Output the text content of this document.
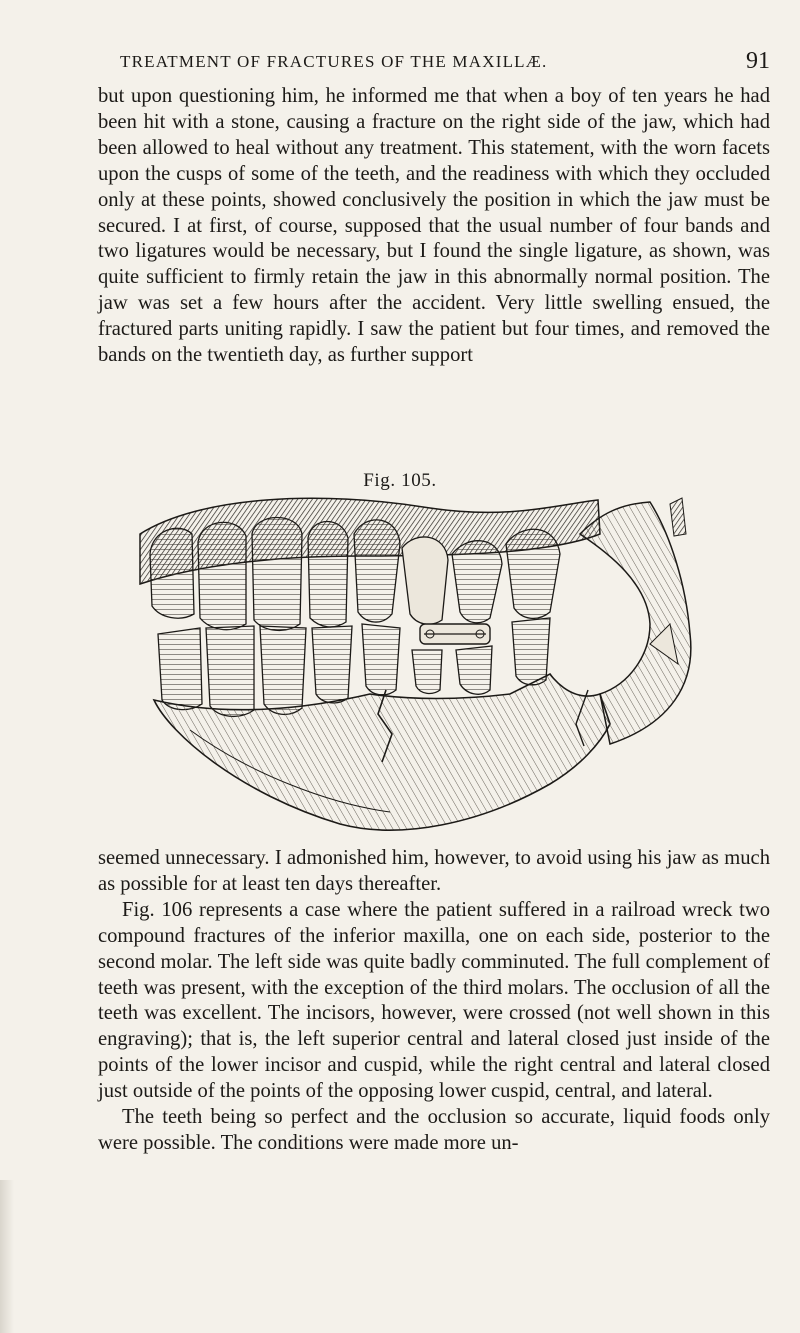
TREATMENT OF FRACTURES OF THE MAXILLÆ.	91

but upon questioning him, he informed me that when a boy of ten years he had been hit with a stone, causing a fracture on the right side of the jaw, which had been allowed to heal without any treatment. This statement, with the worn facets upon the cusps of some of the teeth, and the readiness with which they occluded only at these points, showed conclusively the position in which the jaw must be secured. I at first, of course, supposed that the usual number of four bands and two ligatures would be necessary, but I found the single ligature, as shown, was quite sufficient to firmly retain the jaw in this abnormally normal position. The jaw was set a few hours after the accident. Very little swelling ensued, the fractured parts uniting rapidly. I saw the patient but four times, and removed the bands on the twentieth day, as further support

Fig. 105.

seemed unnecessary. I admonished him, however, to avoid using his jaw as much as possible for at least ten days thereafter.

Fig. 106 represents a case where the patient suffered in a railroad wreck two compound fractures of the inferior maxilla, one on each side, posterior to the second molar. The left side was quite badly comminuted. The full complement of teeth was present, with the exception of the third molars. The occlusion of all the teeth was excellent. The incisors, however, were crossed (not well shown in this engraving); that is, the left superior central and lateral closed just inside of the points of the lower incisor and cuspid, while the right central and lateral closed just outside of the points of the opposing lower cuspid, central, and lateral.

The teeth being so perfect and the occlusion so accurate, liquid foods only were possible. The conditions were made more un-
